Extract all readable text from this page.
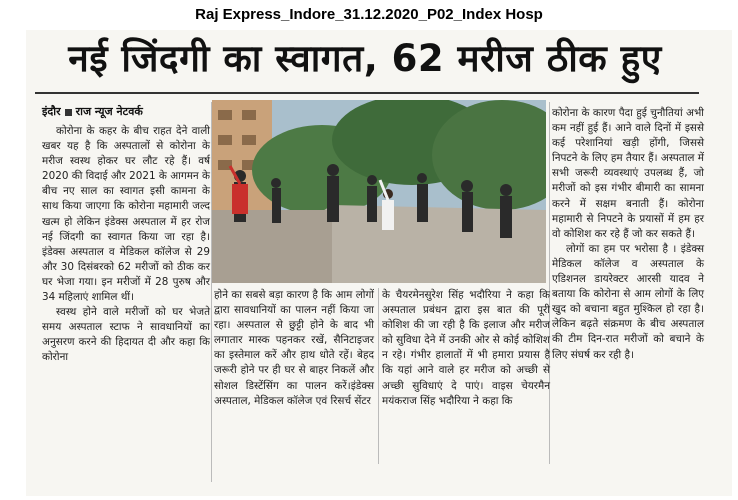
Raj Express_Indore_31.12.2020_P02_Index Hosp
नई जिंदगी का स्वागत, 62 मरीज ठीक हुए
इंदौर राज न्यूज नेटवर्क

कोरोना के कहर के बीच राहत देने वाली खबर यह है कि अस्पतालों से कोरोना के मरीज स्वस्थ होकर घर लौट रहे हैं। वर्ष 2020 की विदाई और 2021 के आगमन के बीच नए साल का स्वागत इसी कामना के साथ किया जाएगा कि कोरोना महामारी जल्द खत्म हो लेकिन इंडेक्स अस्पताल में हर रोज नई जिंदगी का स्वागत किया जा रहा है। इंडेक्स अस्पताल व मेडिकल कॉलेज से 29 और 30 दिसंबरको 62 मरीजों को ठीक कर घर भेजा गया। इन मरीजों में 28 पुरुष और 34 महिलाएं शामिल थीं।

स्वस्थ होने वाले मरीजों को घर भेजते समय अस्पताल स्टाफ ने सावधानियों का अनुसरण करने की हिदायत दी और कहा कि कोरोना

होने का सबसे बड़ा कारण है कि आम लोगों द्वारा सावधानियों का पालन नहीं किया जा रहा। अस्पताल से छुट्टी होने के बाद भी लगातार मास्क पहनकर रखें, सैनिटाइजर का इस्तेमाल करें और हाथ धोते रहें। बेहद जरूरी होने पर ही घर से बाहर निकलें और सोशल डिस्टेंसिंग का पालन करें।इंडेक्स अस्पताल, मेडिकल कॉलेज एवं रिसर्च सेंटर

के चैयरमेनसुरेश सिंह भदौरिया ने कहा कि अस्पताल प्रबंधन द्वारा इस बात की पूरी कोशिश की जा रही है कि इलाज और मरीज को सुविधा देने में उनकी ओर से कोई कोशिश न रहे। गंभीर हालातों में भी हमारा प्रयास है कि यहां आने वाले हर मरीज को अच्छी से अच्छी सुविधाएं दे पाएं। वाइस चेयरमैन मयंकराज सिंह भदौरिया ने कहा कि

कोरोना के कारण पैदा हुई चुनौतियां अभी कम नहीं हुई हैं। आने वाले दिनों में इससे कई परेशानियां खड़ी होंगी, जिससे निपटने के लिए हम तैयार हैं। अस्पताल में सभी जरूरी व्यवस्थाएं उपलब्ध हैं, जो मरीजों को इस गंभीर बीमारी का सामना करने में सक्षम बनाती हैं। कोरोना महामारी से निपटने के प्रयासों में हम हर वो कोशिश कर रहे हैं जो कर सकते हैं।

लोगों का हम पर भरोसा है । इंडेक्स मेडिकल कॉलेज व अस्पताल के एडिशनल डायरेक्टर आरसी यादव ने बताया कि कोरोना से आम लोगों के लिए खुद को बचाना बहुत मुश्किल हो रहा है। लेकिन बढ़ते संक्रमण के बीच अस्पताल की टीम दिन-रात मरीजों को बचाने के लिए संघर्ष कर रही है।
